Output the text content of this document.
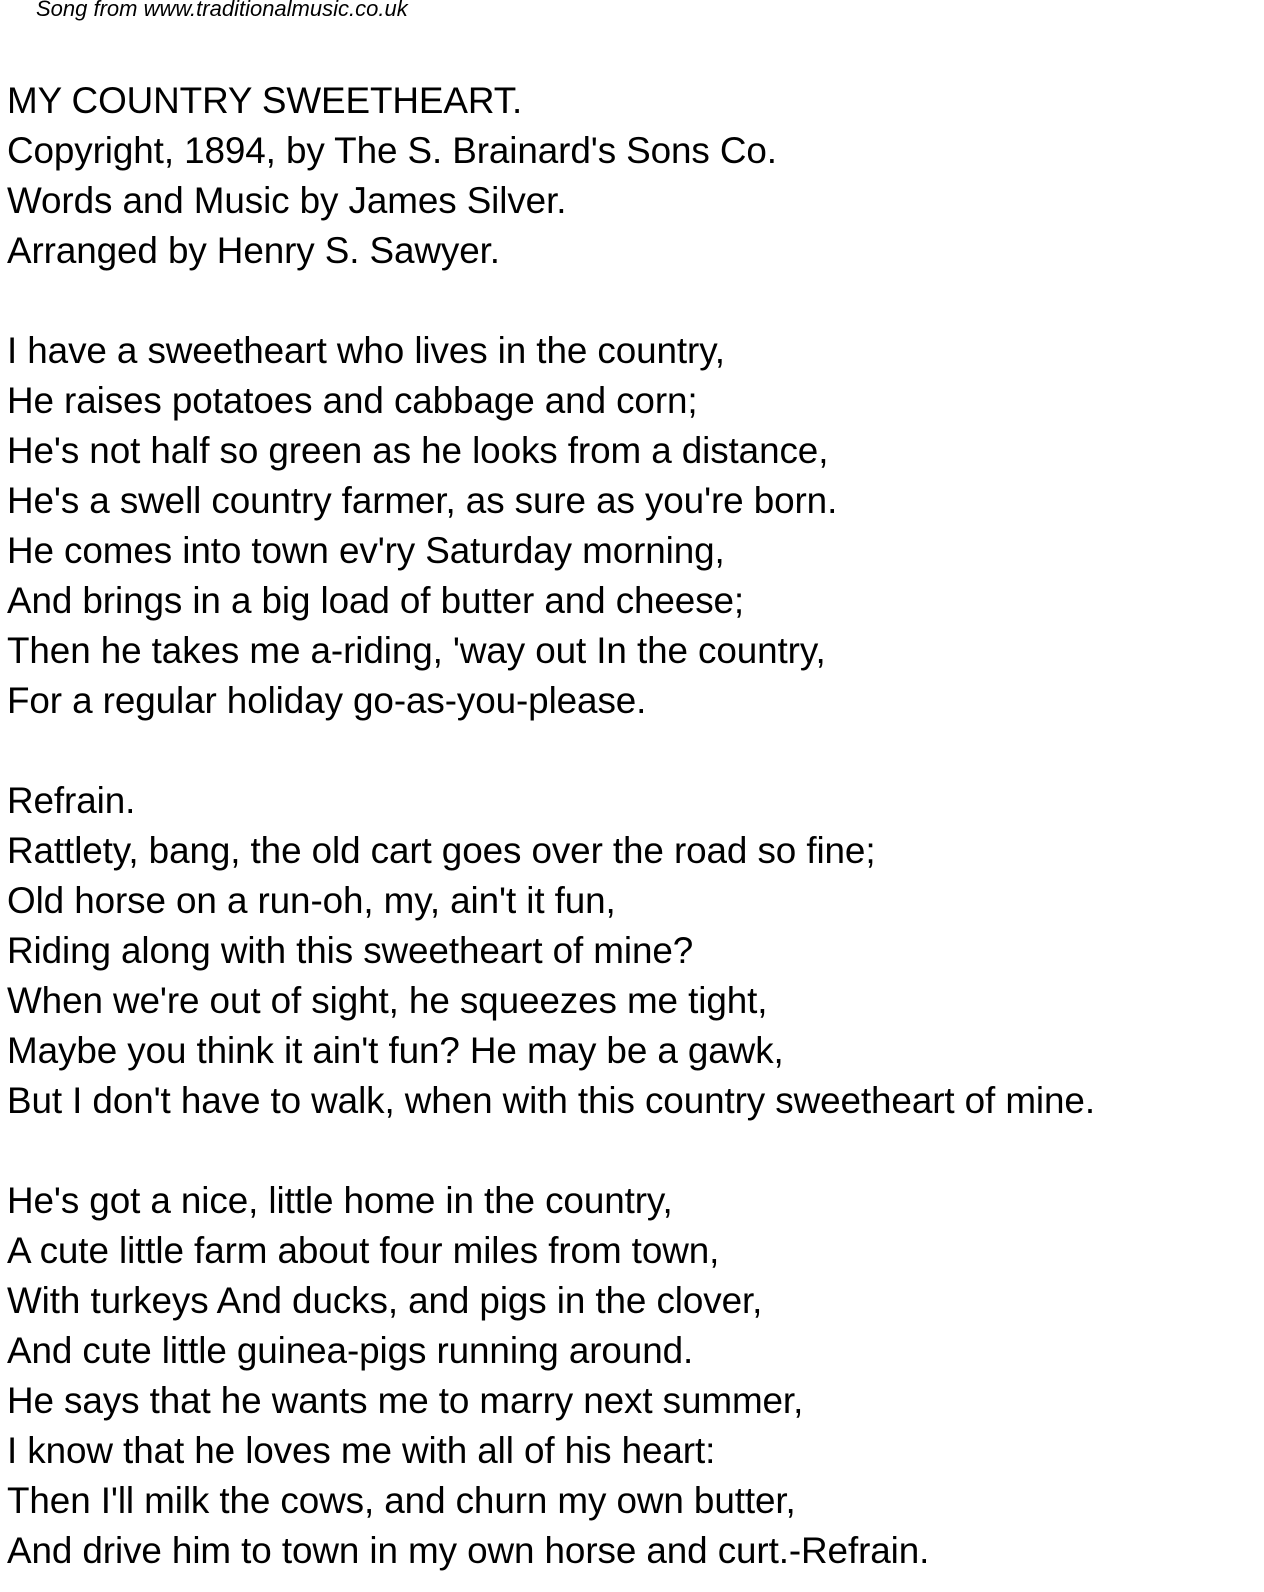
Song from www.traditionalmusic.co.uk
MY COUNTRY SWEETHEART.
Copyright, 1894, by The S. Brainard's Sons Co.
Words and Music by James Silver.
Arranged by Henry S. Sawyer.
I have a sweetheart who lives in the country,
He raises potatoes and cabbage and corn;
He's not half so green as he looks from a distance,
He's a swell country farmer, as sure as you're born.
He comes into town ev'ry Saturday morning,
And brings in a big load of butter and cheese;
Then he takes me a-riding, 'way out In the country,
For a regular holiday go-as-you-please.
Refrain.
Rattlety, bang, the old cart goes over the road so fine;
Old horse on a run-oh, my, ain't it fun,
Riding along with this sweetheart of mine?
When we're out of sight, he squeezes me tight,
Maybe you think it ain't fun? He may be a gawk,
But I don't have to walk, when with this country sweetheart of mine.
He's got a nice, little home in the country,
A cute little farm about four miles from town,
With turkeys And ducks, and pigs in the clover,
And cute little guinea-pigs running around.
He says that he wants me to marry next summer,
I know that he loves me with all of his heart:
Then I'll milk the cows, and churn my own butter,
And drive him to town in my own horse and curt.-Refrain.
